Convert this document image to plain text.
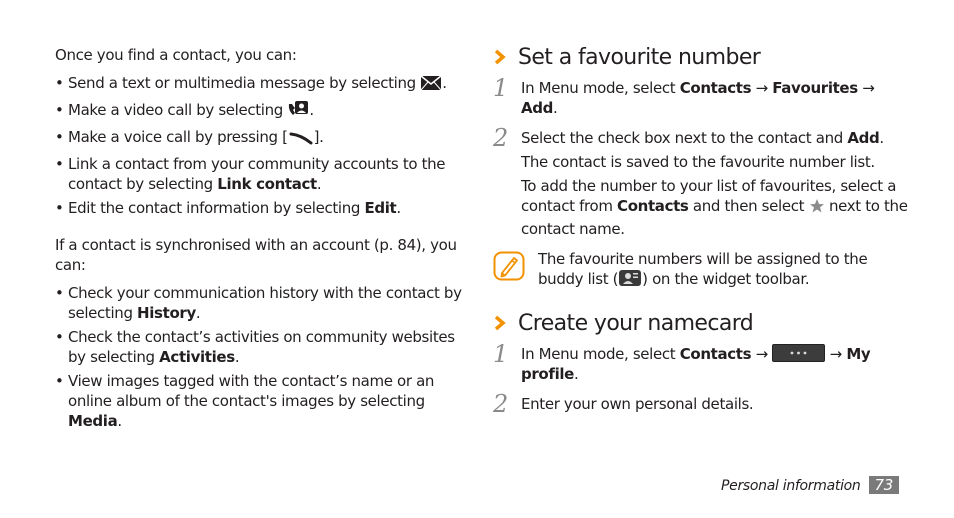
Once you find a contact, you can:

• Send a text or multimedia message by selecting .
• Make a video call by selecting .
• Make a voice call by pressing [ ].
• Link a contact from your community accounts to the contact by selecting Link contact.
• Edit the contact information by selecting Edit.

If a contact is synchronised with an account (p. 84), you can:

• Check your communication history with the contact by selecting History.
• Check the contact’s activities on community websites by selecting Activities.
• View images tagged with the contact’s name or an online album of the contact's images by selecting Media.
Set a favourite number
1 In Menu mode, select Contacts → Favourites → Add.
2 Select the check box next to the contact and Add.

The contact is saved to the favourite number list.

To add the number to your list of favourites, select a contact from Contacts and then select  next to the contact name.

The favourite numbers will be assigned to the buddy list ( ) on the widget toolbar.
Create your namecard
1 In Menu mode, select Contacts →	→ My profile.
2 Enter your own personal details.
Personal information 73
